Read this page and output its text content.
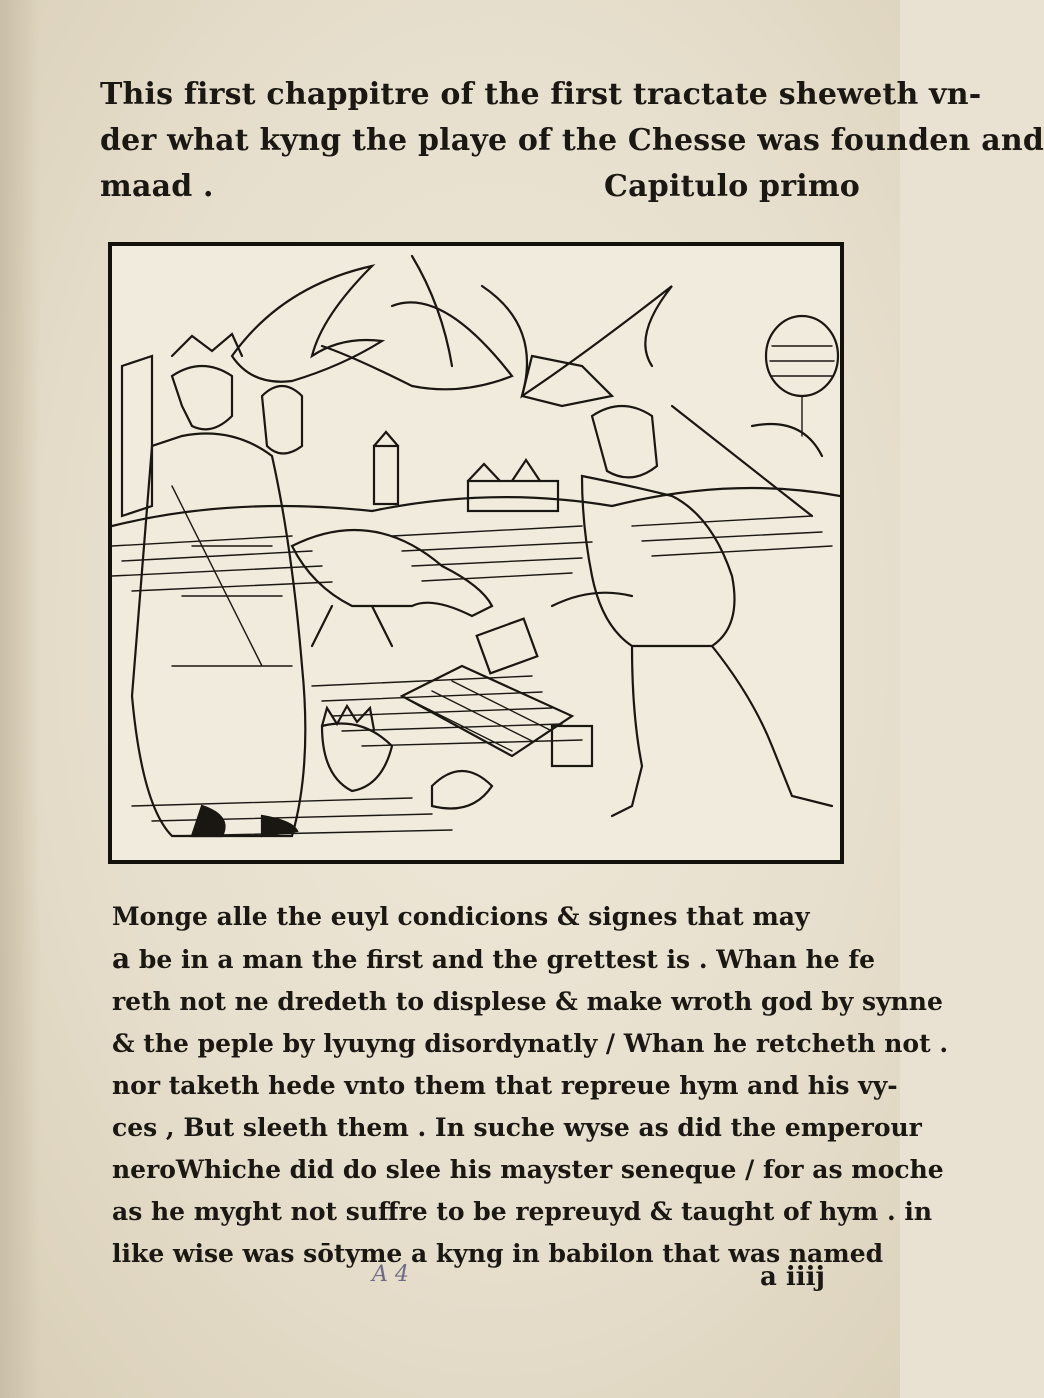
This first chappitre of the first tractate sheweth vn-
der what kyng the playe of the Chesse was founden and
maad .	Capitulo primo
Monge alle the euyl condicions & signes that may
a be in a man the first and the grettest is . Whan he fe
reth not ne dredeth to displese & make wroth god by synne
& the peple by lyuyng disordynatly / Whan he retcheth not .
nor taketh hede vnto them that repreue hym and his vy-
ces , But sleeth them . In suche wyse as did the emperour
neroWhiche did do slee his mayster seneque / for as moche
as he myght not suffre to be repreuyd & taught of hym . in
like wise was sōtyme a kyng in babilon that was named
A 4	a iiij
